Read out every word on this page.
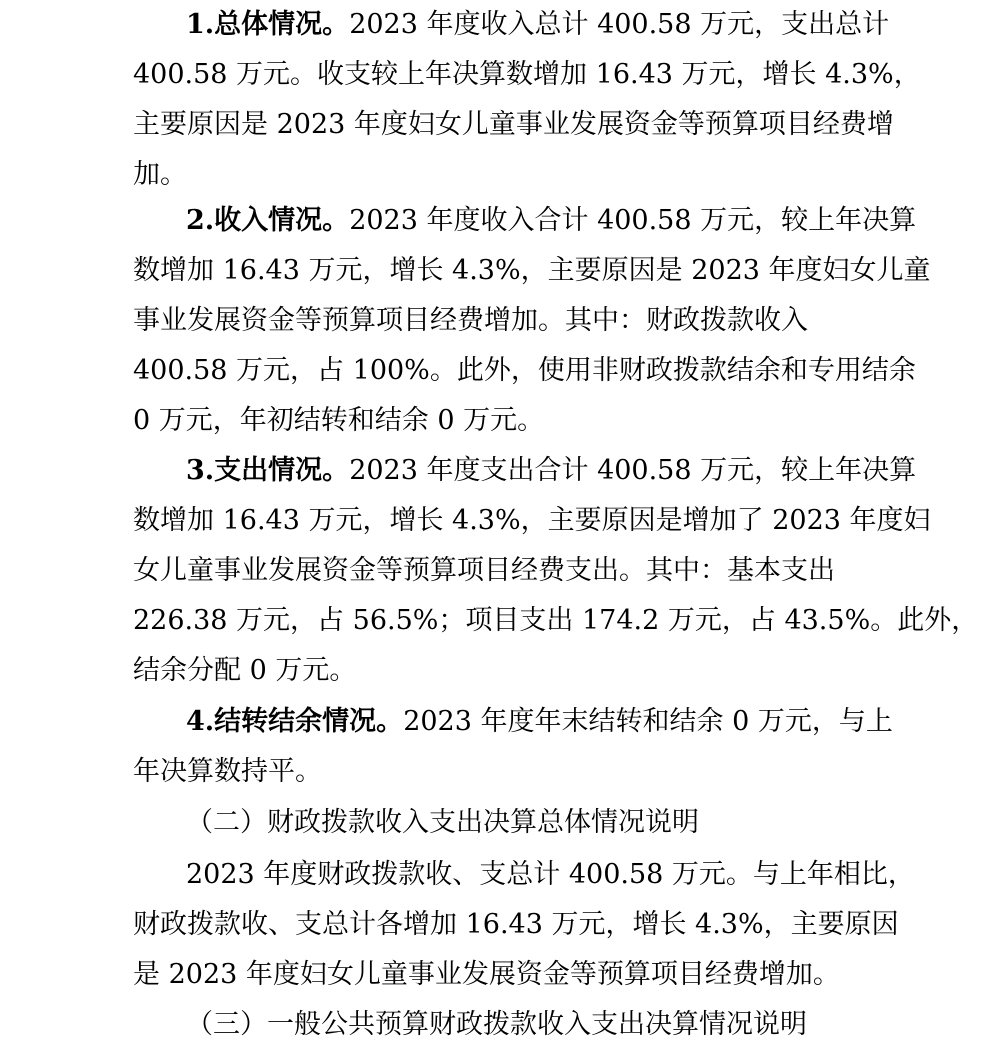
1.总体情况。 2023 年度收入总计 400.58 万元，支出总计
400.58 万元。收支较上年决算数增加 16.43 万元，增长 4.3%，
主要原因是 2023 年度妇女儿童事业发展资金等预算项目经费增
加。
2.收入情况。 2023 年度收入合计 400.58 万元，较上年决算
数增加 16.43 万元，增长 4.3%，主要原因是 2023 年度妇女儿童
事业发展资金等预算项目经费增加。其中：财政拨款收入
400.58 万元，占 100%。此外，使用非财政拨款结余和专用结余
0 万元，年初结转和结余 0 万元。
3.支出情况。 2023 年度支出合计 400.58 万元，较上年决算
数增加 16.43 万元，增长 4.3%，主要原因是增加了 2023 年度妇
女儿童事业发展资金等预算项目经费支出。其中：基本支出
226.38 万元，占 56.5%；项目支出 174.2 万元，占 43.5%。此外，
结余分配 0 万元。
4.结转结余情况。 2023 年度年末结转和结余 0 万元，与上
年决算数持平。
（二）财政拨款收入支出决算总体情况说明
2023 年度财政拨款收、支总计 400.58 万元。与上年相比，
财政拨款收、支总计各增加 16.43 万元，增长 4.3%，主要原因
是 2023 年度妇女儿童事业发展资金等预算项目经费增加。
（三）一般公共预算财政拨款收入支出决算情况说明
